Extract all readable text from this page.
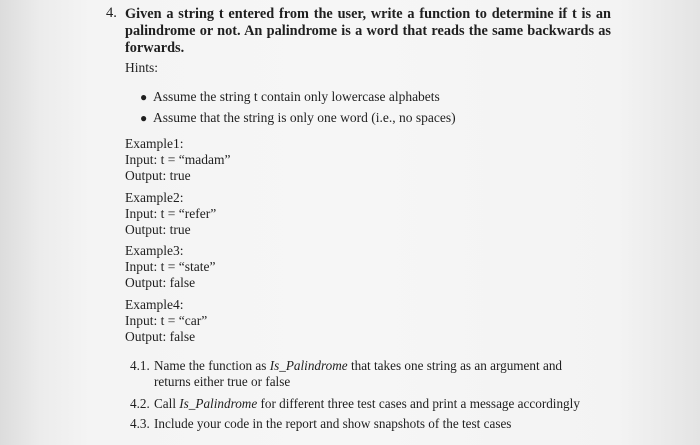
4. Given a string t entered from the user, write a function to determine if t is an palindrome or not. An palindrome is a word that reads the same backwards as forwards.
Hints:
● Assume the string t contain only lowercase alphabets
● Assume that the string is only one word (i.e., no spaces)
Example1:
Input: t = “madam”
Output: true
Example2:
Input: t = “refer”
Output: true
Example3:
Input: t = “state”
Output: false
Example4:
Input: t = “car”
Output: false
4.1. Name the function as Is_Palindrome that takes one string as an argument and
returns either true or false
4.2. Call Is_Palindrome for different three test cases and print a message accordingly
4.3. Include your code in the report and show snapshots of the test cases
